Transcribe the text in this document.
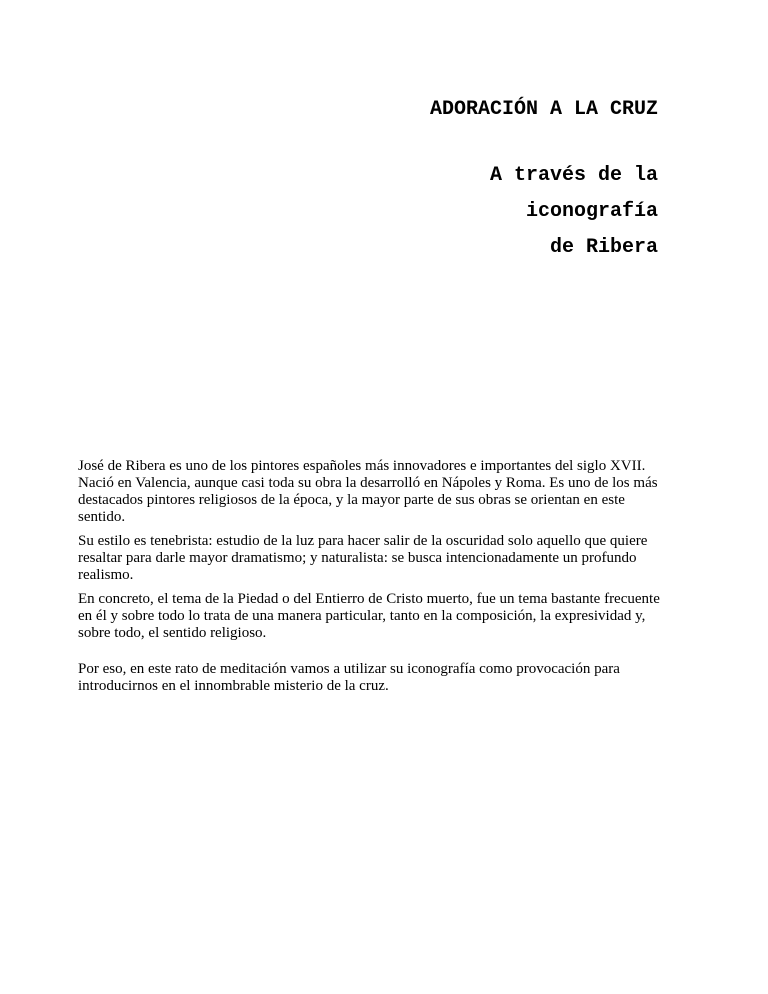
ADORACIÓN A LA CRUZ
A través de la
iconografía
de Ribera

José de Ribera es uno de los pintores españoles más innovadores e importantes del siglo XVII. Nació en Valencia, aunque casi toda su obra la desarrolló en Nápoles y Roma. Es uno de los más destacados pintores religiosos de la época, y la mayor parte de sus obras se orientan en este sentido.

Su estilo es tenebrista: estudio de la luz para hacer salir de la oscuridad solo aquello que quiere resaltar para darle mayor dramatismo; y naturalista: se busca intencionadamente un profundo realismo.

En concreto, el tema de la Piedad o del Entierro de Cristo muerto, fue un tema bastante frecuente en él y sobre todo lo trata de una manera particular, tanto en la composición, la expresividad y, sobre todo, el sentido religioso.

Por eso, en este rato de meditación vamos a utilizar su iconografía como provocación para introducirnos en el innombrable misterio de la cruz.
